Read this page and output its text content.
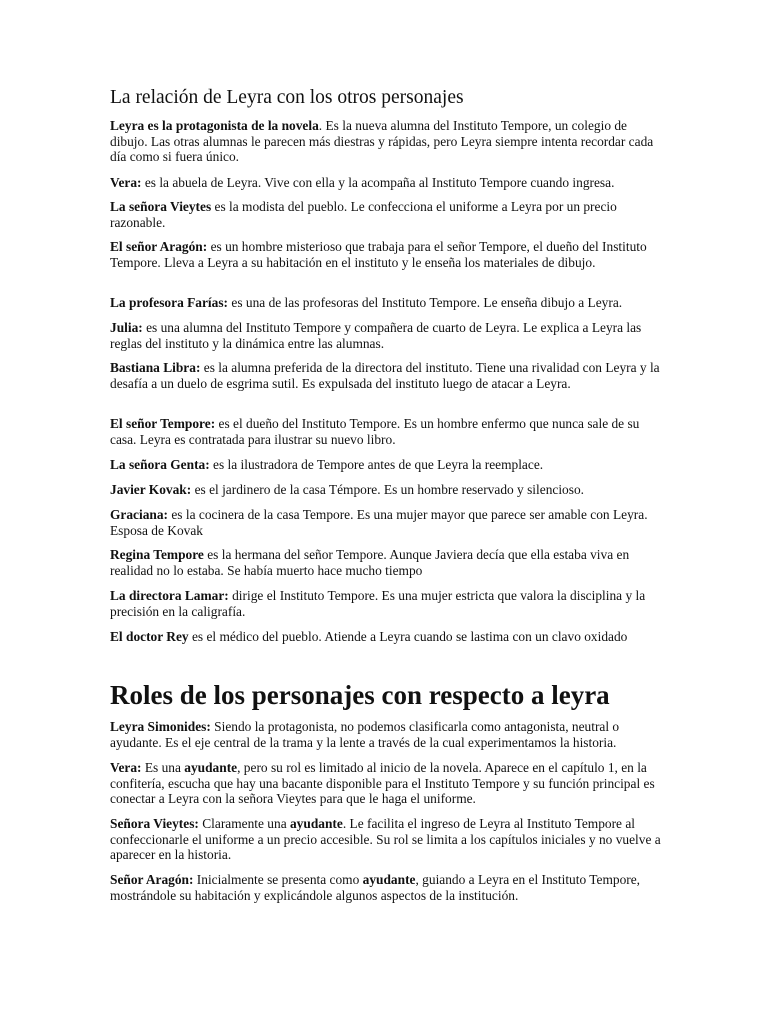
La relación de Leyra con los otros personajes

Leyra es la protagonista de la novela. Es la nueva alumna del Instituto Tempore, un colegio de dibujo. Las otras alumnas le parecen más diestras y rápidas, pero Leyra siempre intenta recordar cada día como si fuera único.

Vera: es la abuela de Leyra. Vive con ella y la acompaña al Instituto Tempore cuando ingresa.

La señora Vieytes es la modista del pueblo. Le confecciona el uniforme a Leyra por un precio razonable.

El señor Aragón: es un hombre misterioso que trabaja para el señor Tempore, el dueño del Instituto Tempore. Lleva a Leyra a su habitación en el instituto y le enseña los materiales de dibujo.

La profesora Farías: es una de las profesoras del Instituto Tempore. Le enseña dibujo a Leyra.

Julia: es una alumna del Instituto Tempore y compañera de cuarto de Leyra. Le explica a Leyra las reglas del instituto y la dinámica entre las alumnas.

Bastiana Libra: es la alumna preferida de la directora del instituto. Tiene una rivalidad con Leyra y la desafía a un duelo de esgrima sutil. Es expulsada del instituto luego de atacar a Leyra.

El señor Tempore: es el dueño del Instituto Tempore. Es un hombre enfermo que nunca sale de su casa. Leyra es contratada para ilustrar su nuevo libro.

La señora Genta: es la ilustradora de Tempore antes de que Leyra la reemplace.

Javier Kovak: es el jardinero de la casa Témpore. Es un hombre reservado y silencioso.

Graciana: es la cocinera de la casa Tempore. Es una mujer mayor que parece ser amable con Leyra. Esposa de Kovak

Regina Tempore es la hermana del señor Tempore. Aunque Javiera decía que ella estaba viva en realidad no lo estaba. Se había muerto hace mucho tiempo

La directora Lamar: dirige el Instituto Tempore. Es una mujer estricta que valora la disciplina y la precisión en la caligrafía.

El doctor Rey es el médico del pueblo. Atiende a Leyra cuando se lastima con un clavo oxidado

Roles de los personajes con respecto a leyra

Leyra Simonides: Siendo la protagonista, no podemos clasificarla como antagonista, neutral o ayudante. Es el eje central de la trama y la lente a través de la cual experimentamos la historia.

Vera: Es una ayudante, pero su rol es limitado al inicio de la novela. Aparece en el capítulo 1, en la confitería, escucha que hay una bacante disponible para el Instituto Tempore y su función principal es conectar a Leyra con la señora Vieytes para que le haga el uniforme.

Señora Vieytes: Claramente una ayudante. Le facilita el ingreso de Leyra al Instituto Tempore al confeccionarle el uniforme a un precio accesible. Su rol se limita a los capítulos iniciales y no vuelve a aparecer en la historia.

Señor Aragón: Inicialmente se presenta como ayudante, guiando a Leyra en el Instituto Tempore, mostrándole su habitación y explicándole algunos aspectos de la institución.
